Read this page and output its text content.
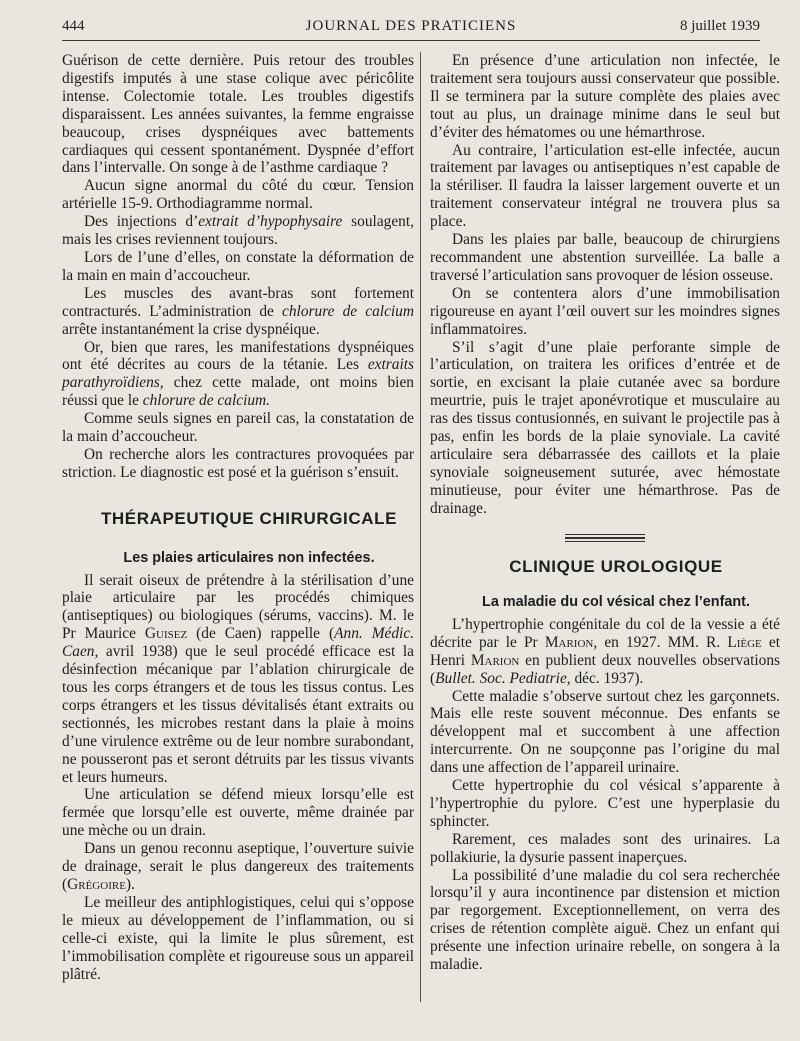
444	JOURNAL DES PRATICIENS	8 juillet 1939

Guérison de cette dernière. Puis retour des troubles digestifs imputés à une stase colique avec péricôlite intense. Colectomie totale. Les troubles digestifs disparaissent. Les années suivantes, la femme engraisse beaucoup, crises dyspnéiques avec battements cardiaques qui cessent spontanément. Dyspnée d’effort dans l’intervalle. On songe à de l’asthme cardiaque ?

Aucun signe anormal du côté du cœur. Tension artérielle 15-9. Orthodiagramme normal.

Des injections d’extrait d’hypophysaire soulagent, mais les crises reviennent toujours.

Lors de l’une d’elles, on constate la déformation de la main en main d’accoucheur.

Les muscles des avant-bras sont fortement contracturés. L’administration de chlorure de calcium arrête instantanément la crise dyspnéique.

Or, bien que rares, les manifestations dyspnéiques ont été décrites au cours de la tétanie. Les extraits parathyroïdiens, chez cette malade, ont moins bien réussi que le chlorure de calcium.

Comme seuls signes en pareil cas, la constatation de la main d’accoucheur.

On recherche alors les contractures provoquées par striction. Le diagnostic est posé et la guérison s’ensuit.

THÉRAPEUTIQUE CHIRURGICALE

Les plaies articulaires non infectées.

Il serait oiseux de prétendre à la stérilisation d’une plaie articulaire par les procédés chimiques (antiseptiques) ou biologiques (sérums, vaccins). M. le Pr Maurice Guisez (de Caen) rappelle (Ann. Médic. Caen, avril 1938) que le seul procédé efficace est la désinfection mécanique par l’ablation chirurgicale de tous les corps étrangers et de tous les tissus contus. Les corps étrangers et les tissus dévitalisés étant extraits ou sectionnés, les microbes restant dans la plaie à moins d’une virulence extrême ou de leur nombre surabondant, ne pousseront pas et seront détruits par les tissus vivants et leurs humeurs.

Une articulation se défend mieux lorsqu’elle est fermée que lorsqu’elle est ouverte, même drainée par une mèche ou un drain.

Dans un genou reconnu aseptique, l’ouverture suivie de drainage, serait le plus dangereux des traitements (Grégoire).

Le meilleur des antiphlogistiques, celui qui s’oppose le mieux au développement de l’inflammation, ou si celle-ci existe, qui la limite le plus sûrement, est l’immobilisation complète et rigoureuse sous un appareil plâtré.

En présence d’une articulation non infectée, le traitement sera toujours aussi conservateur que possible. Il se terminera par la suture complète des plaies avec tout au plus, un drainage minime dans le seul but d’éviter des hématomes ou une hémarthrose.

Au contraire, l’articulation est-elle infectée, aucun traitement par lavages ou antiseptiques n’est capable de la stériliser. Il faudra la laisser largement ouverte et un traitement conservateur intégral ne trouvera plus sa place.

Dans les plaies par balle, beaucoup de chirurgiens recommandent une abstention surveillée. La balle a traversé l’articulation sans provoquer de lésion osseuse.

On se contentera alors d’une immobilisation rigoureuse en ayant l’œil ouvert sur les moindres signes inflammatoires.

S’il s’agit d’une plaie perforante simple de l’articulation, on traitera les orifices d’entrée et de sortie, en excisant la plaie cutanée avec sa bordure meurtrie, puis le trajet aponévrotique et musculaire au ras des tissus contusionnés, en suivant le projectile pas à pas, enfin les bords de la plaie synoviale. La cavité articulaire sera débarrassée des caillots et la plaie synoviale soigneusement suturée, avec hémostate minutieuse, pour éviter une hémarthrose. Pas de drainage.

CLINIQUE UROLOGIQUE

La maladie du col vésical chez l’enfant.

L’hypertrophie congénitale du col de la vessie a été décrite par le Pr Marion, en 1927. MM. R. Liège et Henri Marion en publient deux nouvelles observations (Bullet. Soc. Pediatrie, déc. 1937).

Cette maladie s’observe surtout chez les garçonnets. Mais elle reste souvent méconnue. Des enfants se développent mal et succombent à une affection intercurrente. On ne soupçonne pas l’origine du mal dans une affection de l’appareil urinaire.

Cette hypertrophie du col vésical s’apparente à l’hypertrophie du pylore. C’est une hyperplasie du sphincter.

Rarement, ces malades sont des urinaires. La pollakiurie, la dysurie passent inaperçues.

La possibilité d’une maladie du col sera recherchée lorsqu’il y aura incontinence par distension et miction par regorgement. Exceptionnellement, on verra des crises de rétention complète aiguë. Chez un enfant qui présente une infection urinaire rebelle, on songera à la maladie.
